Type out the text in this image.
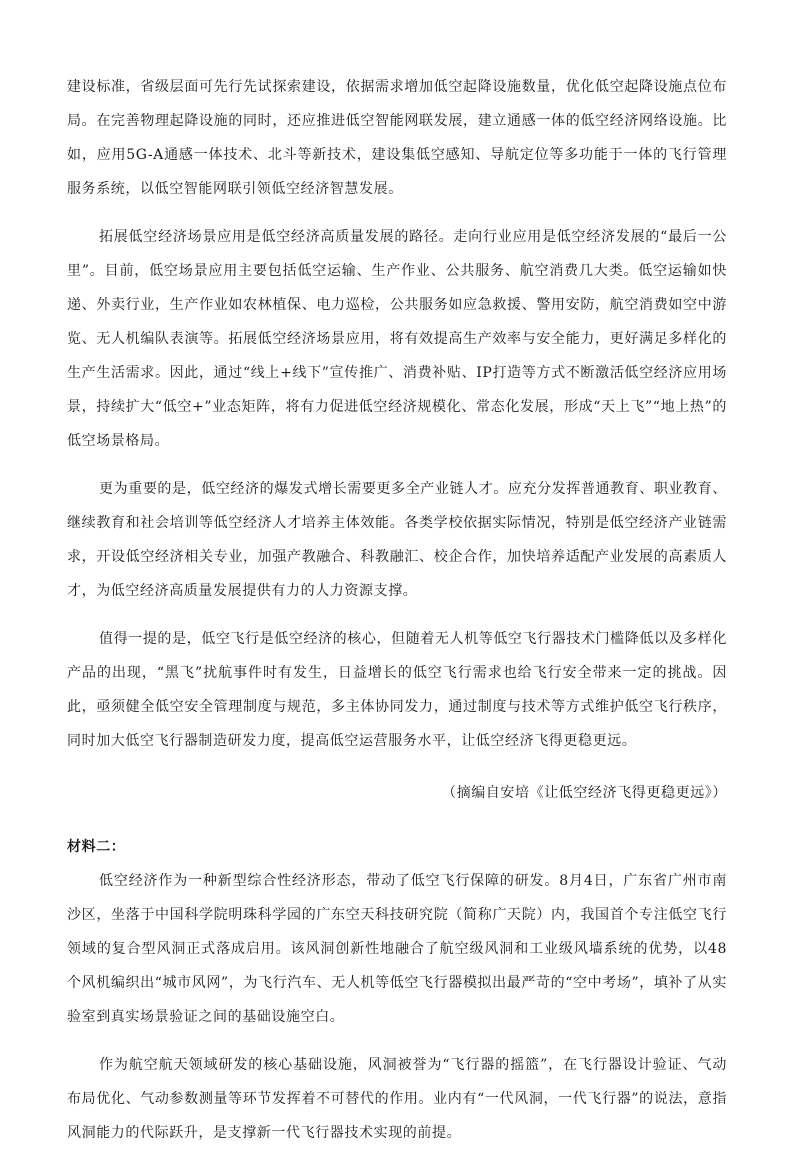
建设标准，省级层面可先行先试探索建设，依据需求增加低空起降设施数量，优化低空起降设施点位布局。在完善物理起降设施的同时，还应推进低空智能网联发展，建立通感一体的低空经济网络设施。比如，应用5G-A通感一体技术、北斗等新技术，建设集低空感知、导航定位等多功能于一体的飞行管理服务系统，以低空智能网联引领低空经济智慧发展。

拓展低空经济场景应用是低空经济高质量发展的路径。走向行业应用是低空经济发展的“最后一公里”。目前，低空场景应用主要包括低空运输、生产作业、公共服务、航空消费几大类。低空运输如快递、外卖行业，生产作业如农林植保、电力巡检，公共服务如应急救援、警用安防，航空消费如空中游览、无人机编队表演等。拓展低空经济场景应用，将有效提高生产效率与安全能力，更好满足多样化的生产生活需求。因此，通过“线上+线下”宣传推广、消费补贴、IP打造等方式不断激活低空经济应用场景，持续扩大“低空+”业态矩阵，将有力促进低空经济规模化、常态化发展，形成“天上飞”“地上热”的低空场景格局。

更为重要的是，低空经济的爆发式增长需要更多全产业链人才。应充分发挥普通教育、职业教育、继续教育和社会培训等低空经济人才培养主体效能。各类学校依据实际情况，特别是低空经济产业链需求，开设低空经济相关专业，加强产教融合、科教融汇、校企合作，加快培养适配产业发展的高素质人才，为低空经济高质量发展提供有力的人力资源支撑。

值得一提的是，低空飞行是低空经济的核心，但随着无人机等低空飞行器技术门槛降低以及多样化产品的出现，“黑飞”扰航事件时有发生，日益增长的低空飞行需求也给飞行安全带来一定的挑战。因此，亟须健全低空安全管理制度与规范，多主体协同发力，通过制度与技术等方式维护低空飞行秩序，同时加大低空飞行器制造研发力度，提高低空运营服务水平，让低空经济飞得更稳更远。

（摘编自安培《让低空经济飞得更稳更远》）

材料二：

低空经济作为一种新型综合性经济形态，带动了低空飞行保障的研发。8月4日，广东省广州市南沙区，坐落于中国科学院明珠科学园的广东空天科技研究院（简称广天院）内，我国首个专注低空飞行领域的复合型风洞正式落成启用。该风洞创新性地融合了航空级风洞和工业级风墙系统的优势，以48个风机编织出“城市风网”，为飞行汽车、无人机等低空飞行器模拟出最严苛的“空中考场”，填补了从实验室到真实场景验证之间的基础设施空白。

作为航空航天领域研发的核心基础设施，风洞被誉为“飞行器的摇篮”，在飞行器设计验证、气动布局优化、气动参数测量等环节发挥着不可替代的作用。业内有“一代风洞，一代飞行器”的说法，意指风洞能力的代际跃升，是支撑新一代飞行器技术实现的前提。
